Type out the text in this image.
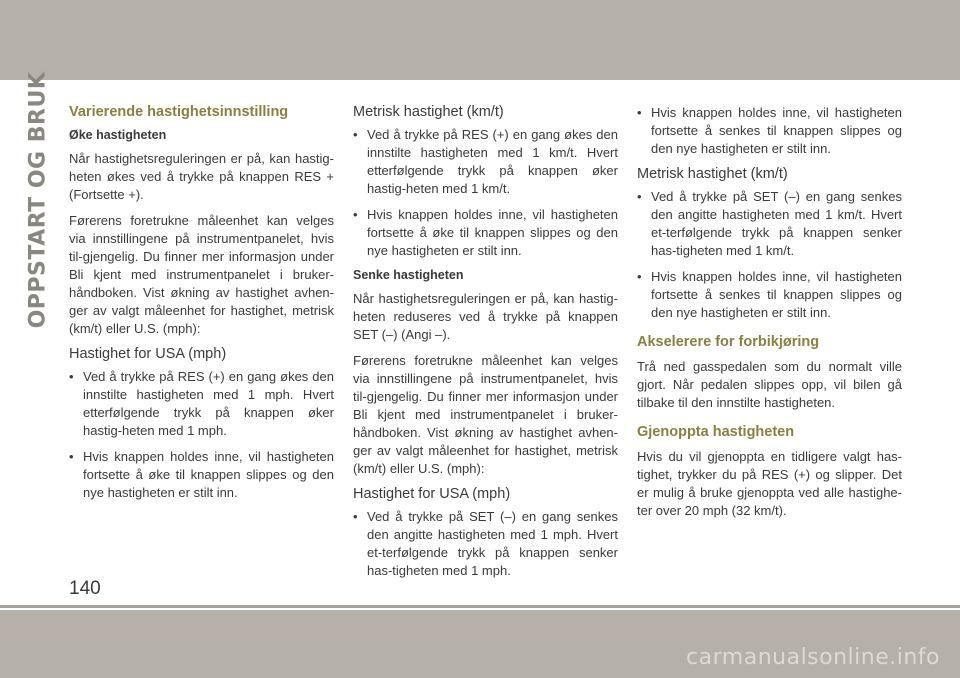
OPPSTART OG BRUK Varierende hastighetsinnstilling
Øke hastigheten

Når hastighetsreguleringen er på, kan hastig-heten økes ved å trykke på knappen RES + (Fortsette +).

Førerens foretrukne måleenhet kan velges via innstillingene på instrumentpanelet, hvis til-gjengelig. Du finner mer informasjon under Bli kjent med instrumentpanelet i bruker-håndboken. Vist økning av hastighet avhen-ger av valgt måleenhet for hastighet, metrisk (km/t) eller U.S. (mph):

Hastighet for USA (mph)
• Ved å trykke på RES (+) en gang økes den innstilte hastigheten med 1 mph. Hvert etterfølgende trykk på knappen øker hastig-heten med 1 mph.
• Hvis knappen holdes inne, vil hastigheten fortsette å øke til knappen slippes og den nye hastigheten er stilt inn.
Metrisk hastighet (km/t)
• Ved å trykke på RES (+) en gang økes den innstilte hastigheten med 1 km/t. Hvert etterfølgende trykk på knappen øker hastig-heten med 1 km/t.
• Hvis knappen holdes inne, vil hastigheten fortsette å øke til knappen slippes og den nye hastigheten er stilt inn.
Senke hastigheten

Når hastighetsreguleringen er på, kan hastig-heten reduseres ved å trykke på knappen SET (–) (Angi –).

Førerens foretrukne måleenhet kan velges via innstillingene på instrumentpanelet, hvis til-gjengelig. Du finner mer informasjon under Bli kjent med instrumentpanelet i bruker-håndboken. Vist økning av hastighet avhen-ger av valgt måleenhet for hastighet, metrisk (km/t) eller U.S. (mph):

Hastighet for USA (mph)
• Ved å trykke på SET (–) en gang senkes den angitte hastigheten med 1 mph. Hvert et-terfølgende trykk på knappen senker has-tigheten med 1 mph.
• Hvis knappen holdes inne, vil hastigheten fortsette å senkes til knappen slippes og den nye hastigheten er stilt inn.
Metrisk hastighet (km/t)
• Ved å trykke på SET (–) en gang senkes den angitte hastigheten med 1 km/t. Hvert et-terfølgende trykk på knappen senker has-tigheten med 1 km/t.
• Hvis knappen holdes inne, vil hastigheten fortsette å senkes til knappen slippes og den nye hastigheten er stilt inn.
Akselerere for forbikjøring

Trå ned gasspedalen som du normalt ville gjort. Når pedalen slippes opp, vil bilen gå tilbake til den innstilte hastigheten.

Gjenoppta hastigheten

Hvis du vil gjenoppta en tidligere valgt has-tighet, trykker du på RES (+) og slipper. Det er mulig å bruke gjenoppta ved alle hastighe-ter over 20 mph (32 km/t).

140
carmanualsonline.info
